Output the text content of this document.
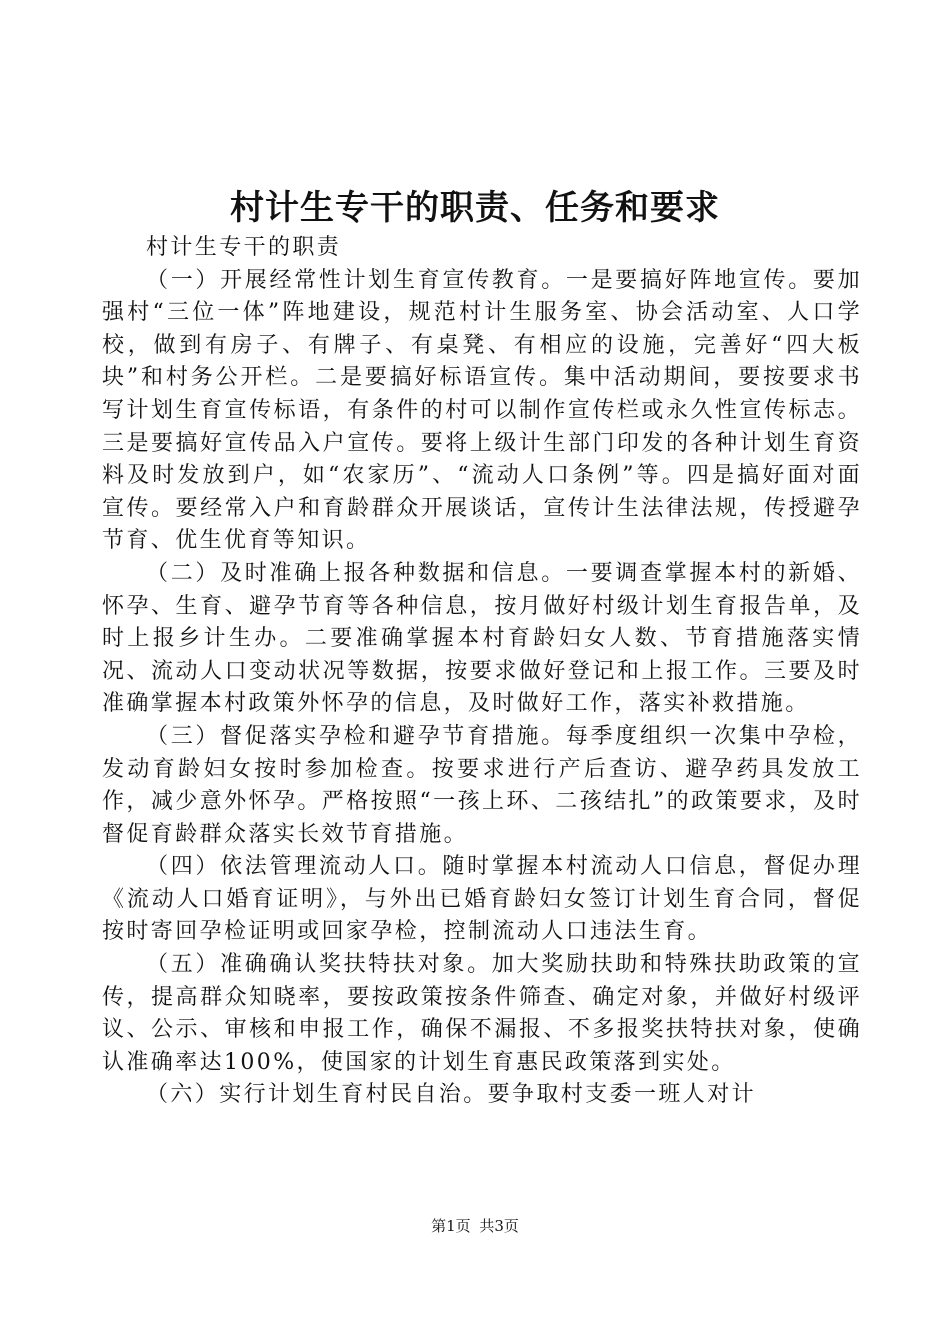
村计生专干的职责、任务和要求

村计生专干的职责

（一）开展经常性计划生育宣传教育。一是要搞好阵地宣传。要加强村“三位一体”阵地建设，规范村计生服务室、协会活动室、人口学校，做到有房子、有牌子、有桌凳、有相应的设施，完善好“四大板块”和村务公开栏。二是要搞好标语宣传。集中活动期间，要按要求书写计划生育宣传标语，有条件的村可以制作宣传栏或永久性宣传标志。三是要搞好宣传品入户宣传。要将上级计生部门印发的各种计划生育资料及时发放到户，如“农家历”、“流动人口条例”等。四是搞好面对面宣传。要经常入户和育龄群众开展谈话，宣传计生法律法规，传授避孕节育、优生优育等知识。

（二）及时准确上报各种数据和信息。一要调查掌握本村的新婚、怀孕、生育、避孕节育等各种信息，按月做好村级计划生育报告单，及时上报乡计生办。二要准确掌握本村育龄妇女人数、节育措施落实情况、流动人口变动状况等数据，按要求做好登记和上报工作。三要及时准确掌握本村政策外怀孕的信息，及时做好工作，落实补救措施。

（三）督促落实孕检和避孕节育措施。每季度组织一次集中孕检，发动育龄妇女按时参加检查。按要求进行产后查访、避孕药具发放工作，减少意外怀孕。严格按照“一孩上环、二孩结扎”的政策要求，及时督促育龄群众落实长效节育措施。

（四）依法管理流动人口。随时掌握本村流动人口信息，督促办理《流动人口婚育证明》，与外出已婚育龄妇女签订计划生育合同，督促按时寄回孕检证明或回家孕检，控制流动人口违法生育。

（五）准确确认奖扶特扶对象。加大奖励扶助和特殊扶助政策的宣传，提高群众知晓率，要按政策按条件筛查、确定对象，并做好村级评议、公示、审核和申报工作，确保不漏报、不多报奖扶特扶对象，使确认准确率达100%，使国家的计划生育惠民政策落到实处。

（六）实行计划生育村民自治。要争取村支委一班人对计

第1页 共3页
